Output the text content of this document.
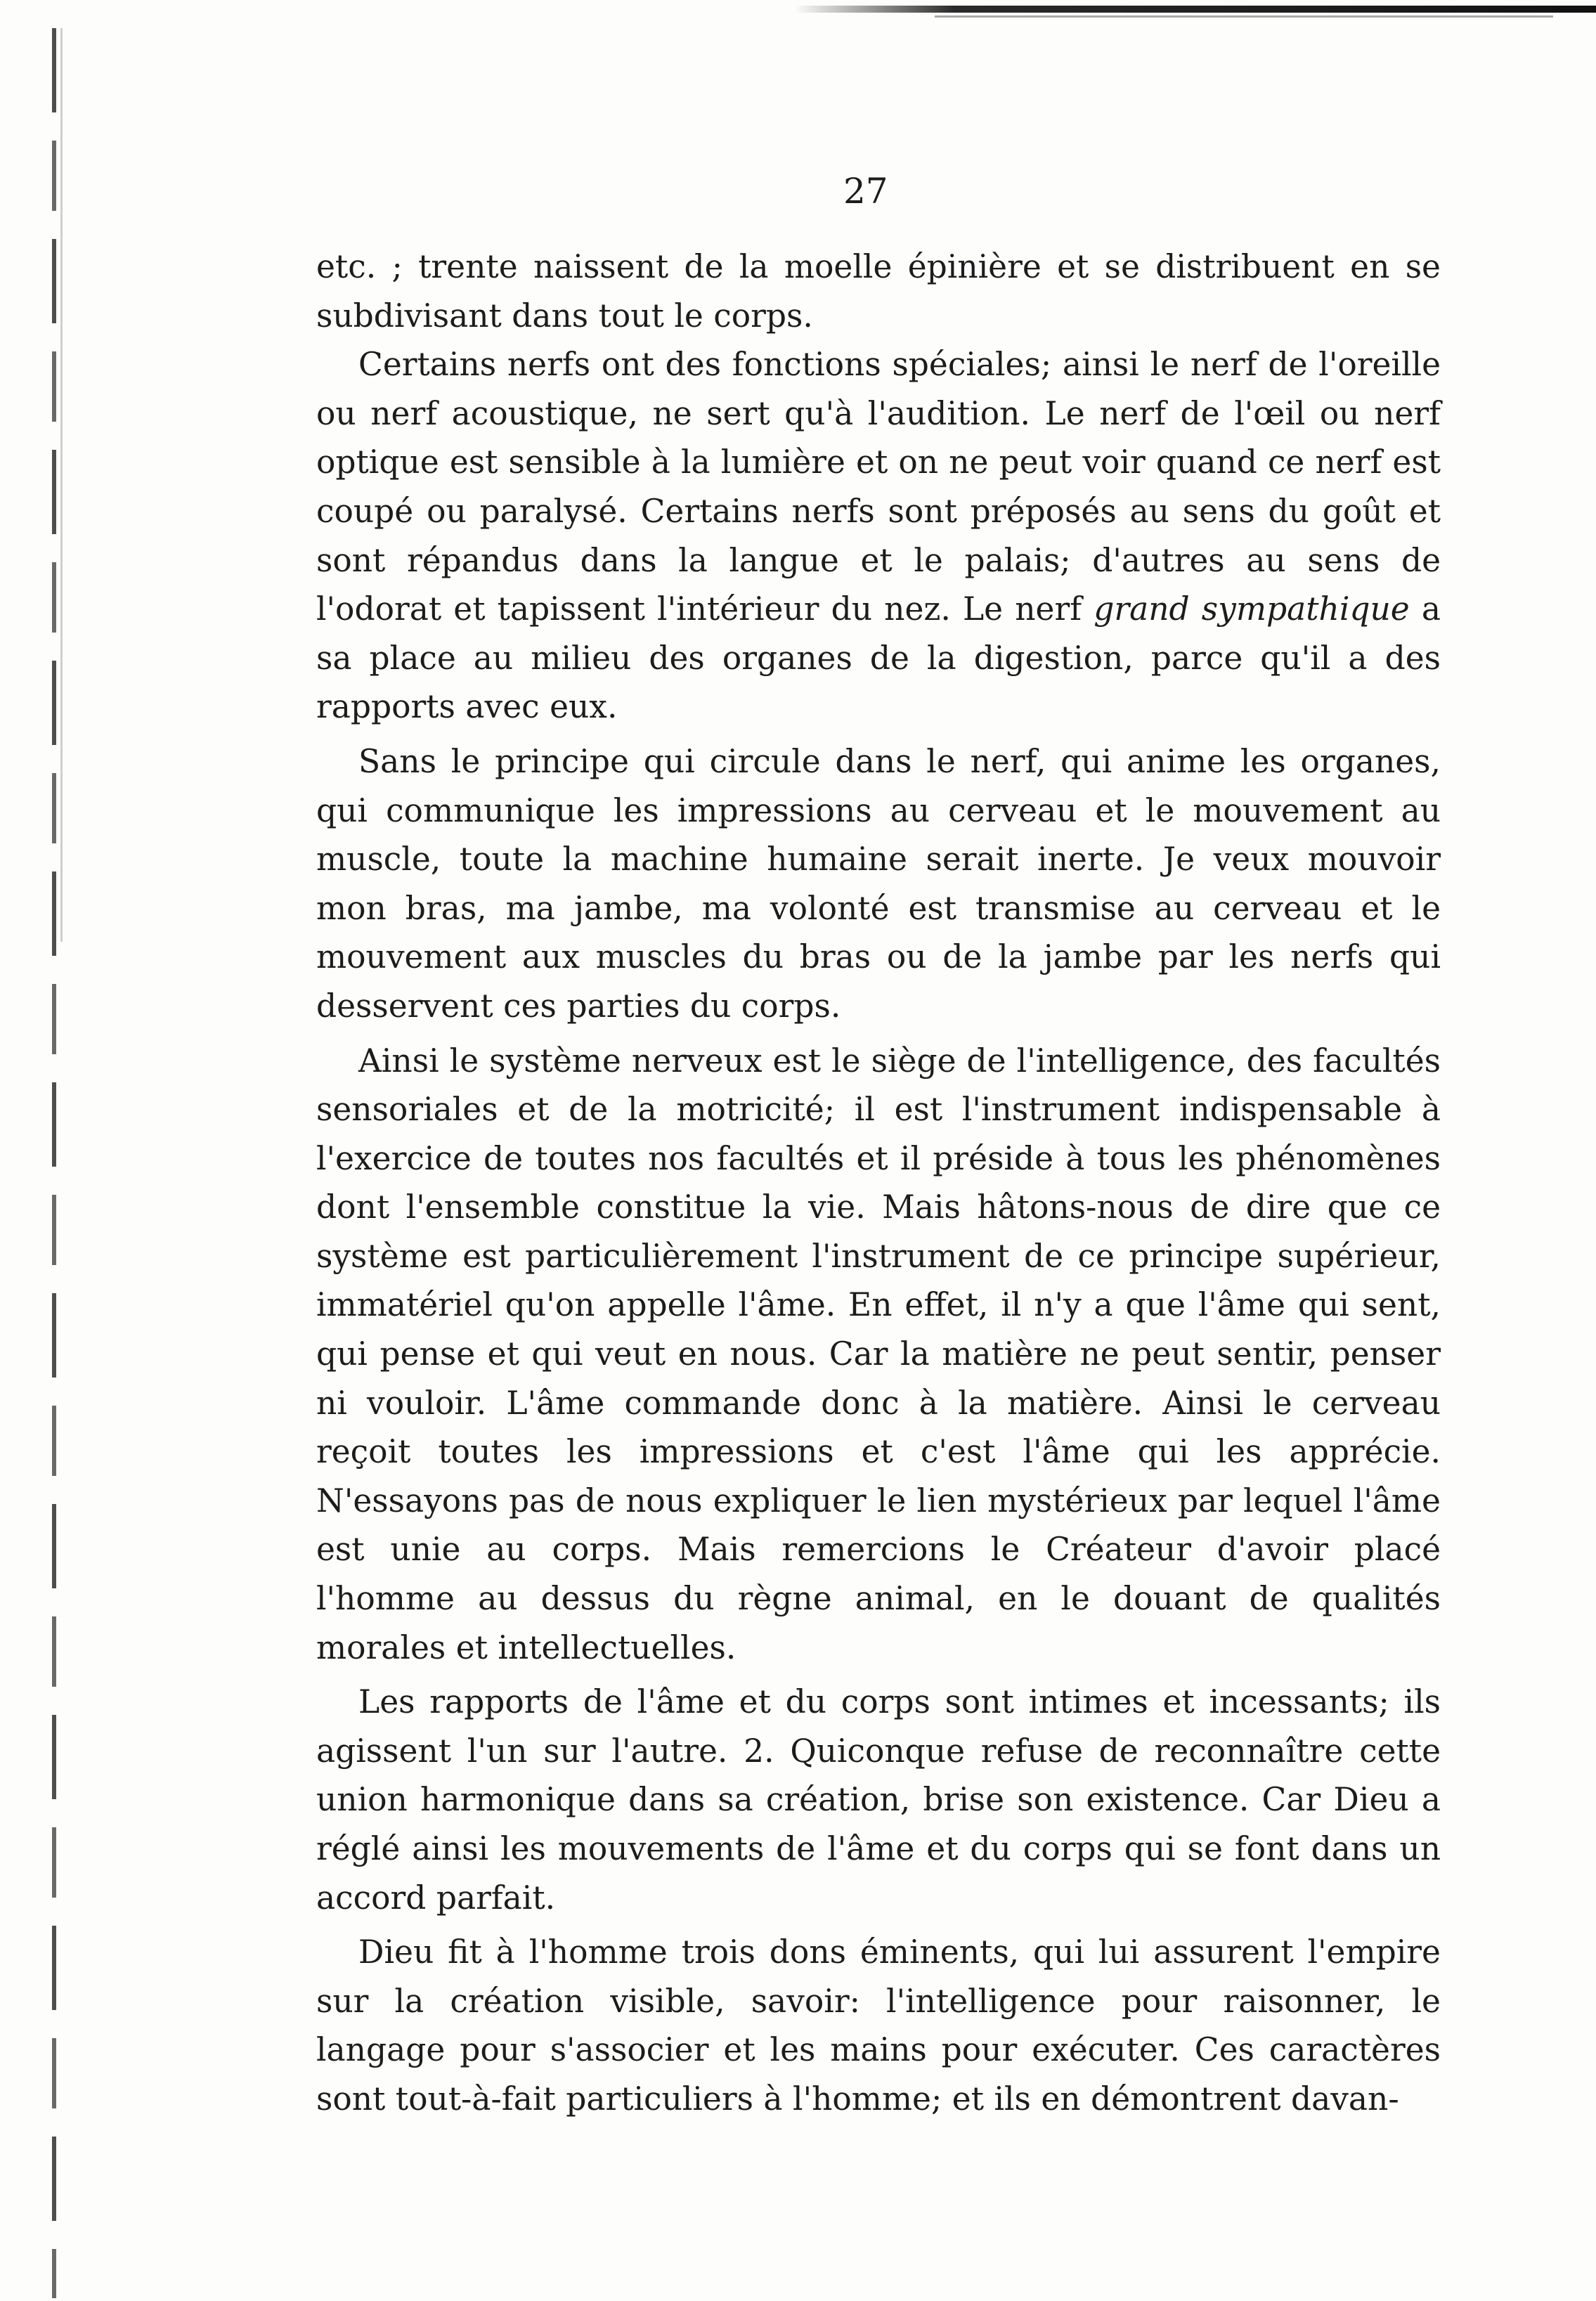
27

etc. ; trente naissent de la moelle épinière et se distribuent en se subdivisant dans tout le corps.

Certains nerfs ont des fonctions spéciales; ainsi le nerf de l'oreille ou nerf acoustique, ne sert qu'à l'audition. Le nerf de l'œil ou nerf optique est sensible à la lumière et on ne peut voir quand ce nerf est coupé ou paralysé. Certains nerfs sont préposés au sens du goût et sont répandus dans la langue et le palais; d'autres au sens de l'odorat et tapissent l'intérieur du nez. Le nerf grand sympathique a sa place au milieu des organes de la digestion, parce qu'il a des rapports avec eux.

Sans le principe qui circule dans le nerf, qui anime les organes, qui communique les impressions au cerveau et le mouvement au muscle, toute la machine humaine serait inerte. Je veux mouvoir mon bras, ma jambe, ma volonté est transmise au cerveau et le mouvement aux muscles du bras ou de la jambe par les nerfs qui desservent ces parties du corps.

Ainsi le système nerveux est le siège de l'intelligence, des facultés sensoriales et de la motricité; il est l'instrument indispensable à l'exercice de toutes nos facultés et il préside à tous les phénomènes dont l'ensemble constitue la vie. Mais hâtons-nous de dire que ce système est particulièrement l'instrument de ce principe supérieur, immatériel qu'on appelle l'âme. En effet, il n'y a que l'âme qui sent, qui pense et qui veut en nous. Car la matière ne peut sentir, penser ni vouloir. L'âme commande donc à la matière. Ainsi le cerveau reçoit toutes les impressions et c'est l'âme qui les apprécie. N'essayons pas de nous expliquer le lien mystérieux par lequel l'âme est unie au corps. Mais remercions le Créateur d'avoir placé l'homme au dessus du règne animal, en le douant de qualités morales et intellectuelles.

Les rapports de l'âme et du corps sont intimes et incessants; ils agissent l'un sur l'autre. 2. Quiconque refuse de reconnaître cette union harmonique dans sa création, brise son existence. Car Dieu a réglé ainsi les mouvements de l'âme et du corps qui se font dans un accord parfait.

Dieu fit à l'homme trois dons éminents, qui lui assurent l'empire sur la création visible, savoir: l'intelligence pour raisonner, le langage pour s'associer et les mains pour exécuter. Ces caractères sont tout-à-fait particuliers à l'homme; et ils en démontrent davan-
